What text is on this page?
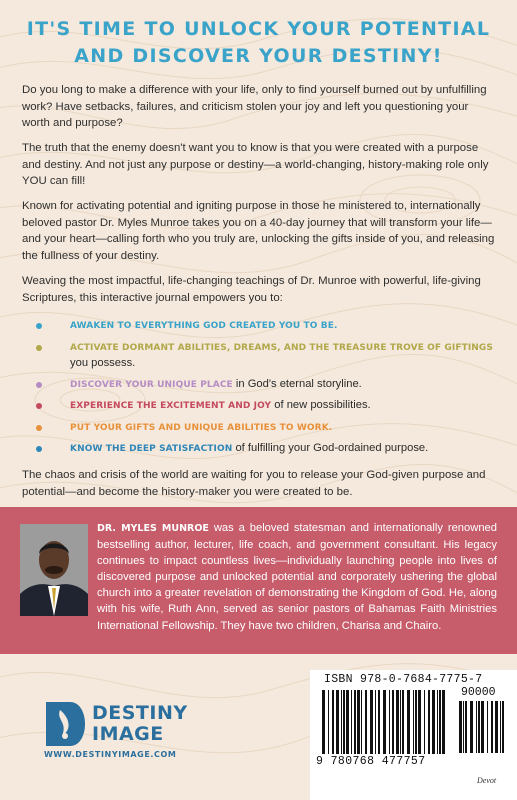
IT'S TIME TO UNLOCK YOUR POTENTIAL AND DISCOVER YOUR DESTINY!

Do you long to make a difference with your life, only to find yourself burned out by unfulfilling work? Have setbacks, failures, and criticism stolen your joy and left you questioning your worth and purpose?

The truth that the enemy doesn't want you to know is that you were created with a purpose and destiny. And not just any purpose or destiny—a world-changing, history-making role only YOU can fill!

Known for activating potential and igniting purpose in those he ministered to, internationally beloved pastor Dr. Myles Munroe takes you on a 40-day journey that will transform your life—and your heart—calling forth who you truly are, unlocking the gifts inside of you, and releasing the fullness of your destiny.

Weaving the most impactful, life-changing teachings of Dr. Munroe with powerful, life-giving Scriptures, this interactive journal empowers you to:

AWAKEN TO EVERYTHING GOD CREATED YOU TO BE.
ACTIVATE DORMANT ABILITIES, DREAMS, AND THE TREASURE TROVE OF GIFTINGS you possess.
DISCOVER YOUR UNIQUE PLACE in God's eternal storyline.
EXPERIENCE THE EXCITEMENT AND JOY of new possibilities.
PUT YOUR GIFTS AND UNIQUE ABILITIES TO WORK.
KNOW THE DEEP SATISFACTION of fulfilling your God-ordained purpose.

The chaos and crisis of the world are waiting for you to release your God-given purpose and potential—and become the history-maker you were created to be.

DR. MYLES MUNROE was a beloved statesman and internationally renowned bestselling author, lecturer, life coach, and government consultant. His legacy continues to impact countless lives—individually launching people into lives of discovered purpose and unlocked potential and corporately ushering the global church into a greater revelation of demonstrating the Kingdom of God. He, along with his wife, Ruth Ann, served as senior pastors of Bahamas Faith Ministries International Fellowship. They have two children, Charisa and Chairo.

DESTINY
IMAGE
WWW.DESTINYIMAGE.COM
ISBN 978-0-7684-7775-7
90000
9 780768 477757
Devot
